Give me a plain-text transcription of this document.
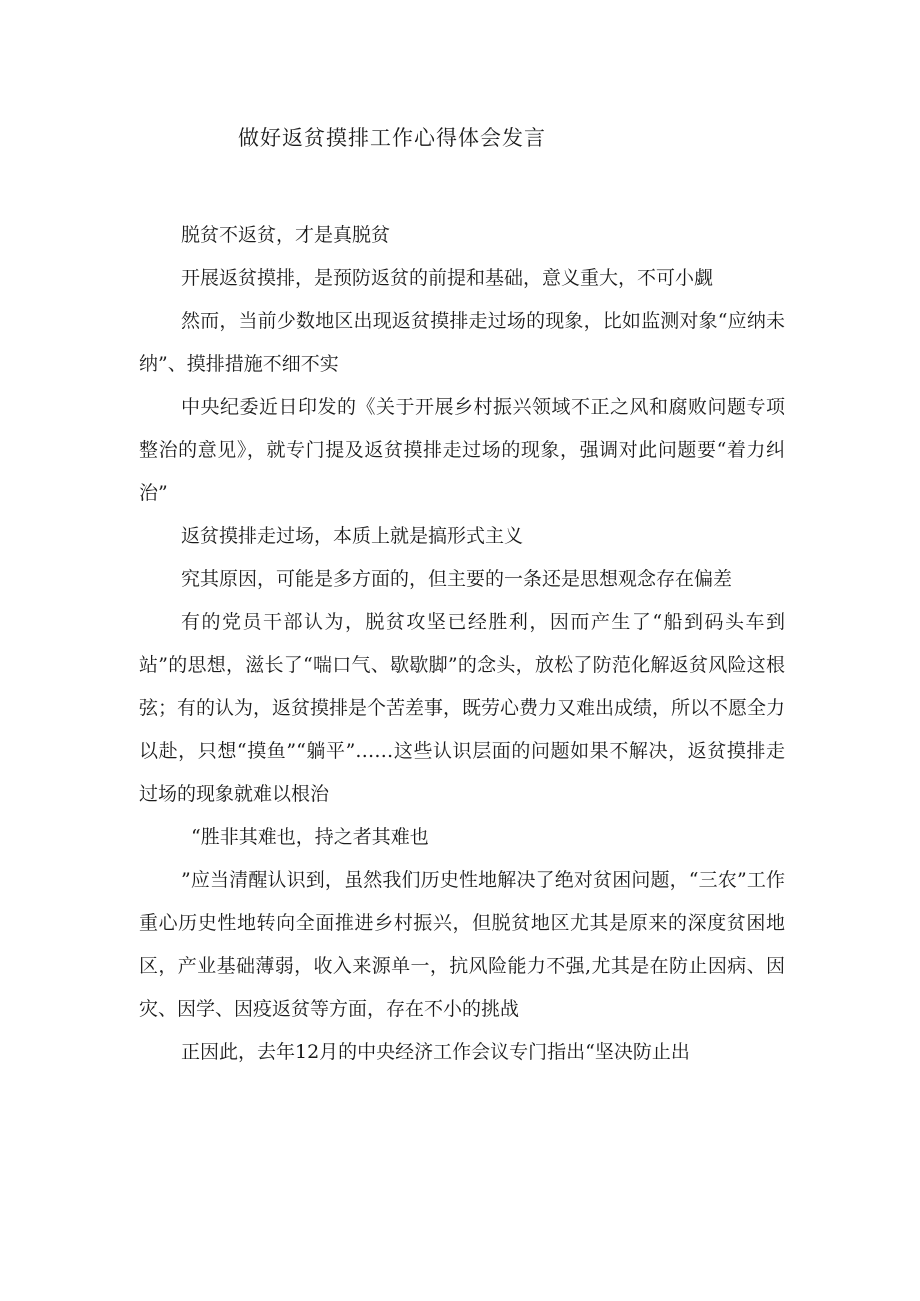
做好返贫摸排工作心得体会发言

脱贫不返贫，才是真脱贫

开展返贫摸排，是预防返贫的前提和基础，意义重大，不可小觑

然而，当前少数地区出现返贫摸排走过场的现象，比如监测对象“应纳未纳”、摸排措施不细不实

中央纪委近日印发的《关于开展乡村振兴领域不正之风和腐败问题专项整治的意见》，就专门提及返贫摸排走过场的现象，强调对此问题要“着力纠治”

返贫摸排走过场，本质上就是搞形式主义

究其原因，可能是多方面的，但主要的一条还是思想观念存在偏差

有的党员干部认为，脱贫攻坚已经胜利，因而产生了“船到码头车到站”的思想，滋长了“喘口气、歇歇脚”的念头，放松了防范化解返贫风险这根弦；有的认为，返贫摸排是个苦差事，既劳心费力又难出成绩，所以不愿全力以赴，只想“摸鱼”“躺平”……这些认识层面的问题如果不解决，返贫摸排走过场的现象就难以根治

“胜非其难也，持之者其难也

”应当清醒认识到，虽然我们历史性地解决了绝对贫困问题，“三农”工作重心历史性地转向全面推进乡村振兴，但脱贫地区尤其是原来的深度贫困地区，产业基础薄弱，收入来源单一，抗风险能力不强,尤其是在防止因病、因灾、因学、因疫返贫等方面，存在不小的挑战

正因此，去年12月的中央经济工作会议专门指出“坚决防止出
